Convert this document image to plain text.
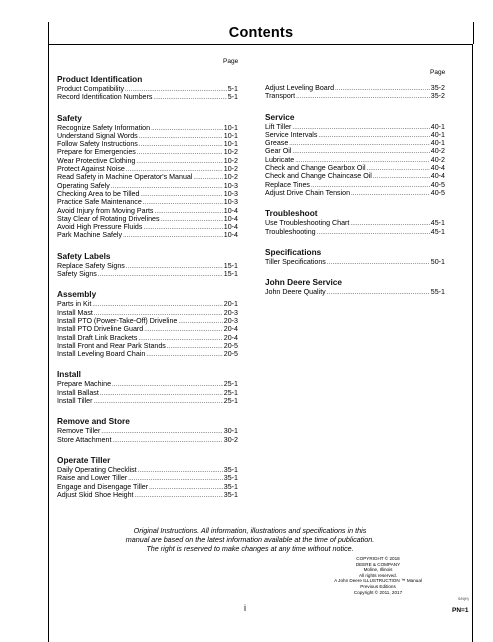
Contents
Page
Page
Product Identification
Product Compatibility .....	5-1
Record Identification Numbers .....	5-1
Safety
Recognize Safety Information .....	10-1
Understand Signal Words .....	10-1
Follow Safety Instructions .....	10-1
Prepare for Emergencies .....	10-2
Wear Protective Clothing .....	10-2
Protect Against Noise .....	10-2
Read Safety in Machine Operator's Manual .....	10-2
Operating Safely .....	10-3
Checking Area to be Tilled .....	10-3
Practice Safe Maintenance .....	10-3
Avoid Injury from Moving Parts .....	10-4
Stay Clear of Rotating Drivelines .....	10-4
Avoid High Pressure Fluids .....	10-4
Park Machine Safely .....	10-4
Safety Labels
Replace Safety Signs .....	15-1
Safety Signs .....	15-1
Assembly
Parts in Kit .....	20-1
Install Mast .....	20-3
Install PTO (Power-Take-Off) Driveline .....	20-3
Install PTO Driveline Guard .....	20-4
Install Draft Link Brackets .....	20-4
Install Front and Rear Park Stands .....	20-5
Install Leveling Board Chain .....	20-5
Install
Prepare Machine .....	25-1
Install Ballast .....	25-1
Install Tiller .....	25-1
Remove and Store
Remove Tiller .....	30-1
Store Attachment .....	30-2
Operate Tiller
Daily Operating Checklist .....	35-1
Raise and Lower Tiller .....	35-1
Engage and Disengage Tiller .....	35-1
Adjust Skid Shoe Height .....	35-1
Adjust Leveling Board .....	35-2
Transport .....	35-2
Service
Lift Tiller .....	40-1
Service Intervals .....	40-1
Grease .....	40-1
Gear Oil .....	40-2
Lubricate .....	40-2
Check and Change Gearbox Oil .....	40-4
Check and Change Chaincase Oil .....	40-4
Replace Tines .....	40-5
Adjust Drive Chain Tension .....	40-5
Troubleshoot
Use Troubleshooting Chart .....	45-1
Troubleshooting .....	45-1
Specifications
Tiller Specifications .....	50-1
John Deere Service
John Deere Quality .....	55-1
Original Instructions. All information, illustrations and specifications in this
manual are based on the latest information available at the time of publication.
The right is reserved to make changes at any time without notice.
COPYRIGHT © 2018
DEERE & COMPANY
Moline, Illinois
All rights reserved.
A John Deere ILLUSTRUCTION ™ Manual
Previous Editions
Copyright © 2011, 2017
S/N(H)
i	PN=1
